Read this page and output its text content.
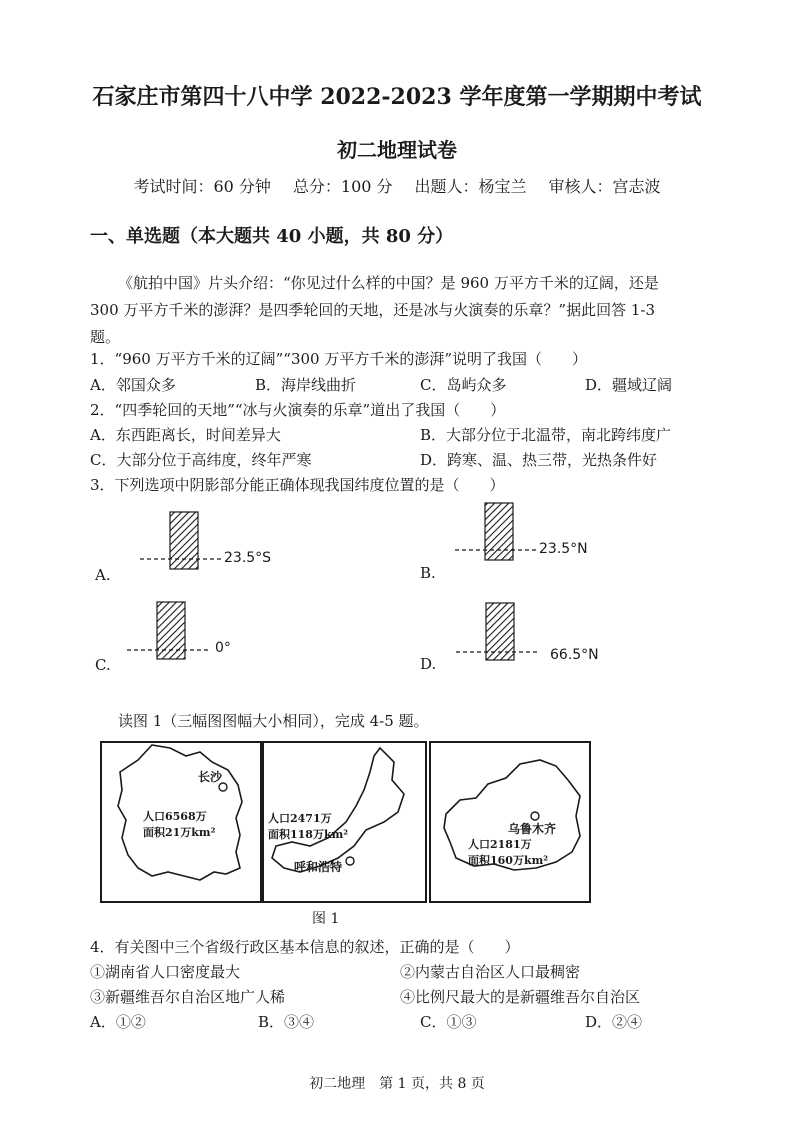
石家庄市第四十八中学 2022-2023 学年度第一学期期中考试
初二地理试卷
考试时间：60 分钟 总分：100 分 出题人：杨宝兰 审核人：宫志波
一、单选题（本大题共 40 小题，共 80 分）
《航拍中国》片头介绍：“你见过什么样的中国？是 960 万平方千米的辽阔，还是
300 万平方千米的澎湃？是四季轮回的天地，还是冰与火演奏的乐章？”据此回答 1-3
题。
1．“960 万平方千米的辽阔”“300 万平方千米的澎湃”说明了我国（　　）
A．邻国众多	B．海岸线曲折	C．岛屿众多	D．疆域辽阔
2．“四季轮回的天地”“冰与火演奏的乐章”道出了我国（　　）
A．东西距离长，时间差异大	B．大部分位于北温带，南北跨纬度广
C．大部分位于高纬度，终年严寒	D．跨寒、温、热三带，光热条件好
3．下列选项中阴影部分能正确体现我国纬度位置的是（　　）
A.
23.5°S
B.
23.5°N
C.
0°
D.	66.5°N
读图 1（三幅图图幅大小相同），完成 4-5 题。
长沙
人口6568万
面积21万km²
人口2471万
面积118万km²
呼和浩特
乌鲁木齐
人口2181万
面积160万km²
图 1
4．有关图中三个省级行政区基本信息的叙述，正确的是（　　）
①湖南省人口密度最大	②内蒙古自治区人口最稠密
③新疆维吾尔自治区地广人稀	④比例尺最大的是新疆维吾尔自治区
A．①②	B．③④	C．①③	D．②④
初二地理　第 1 页，共 8 页
